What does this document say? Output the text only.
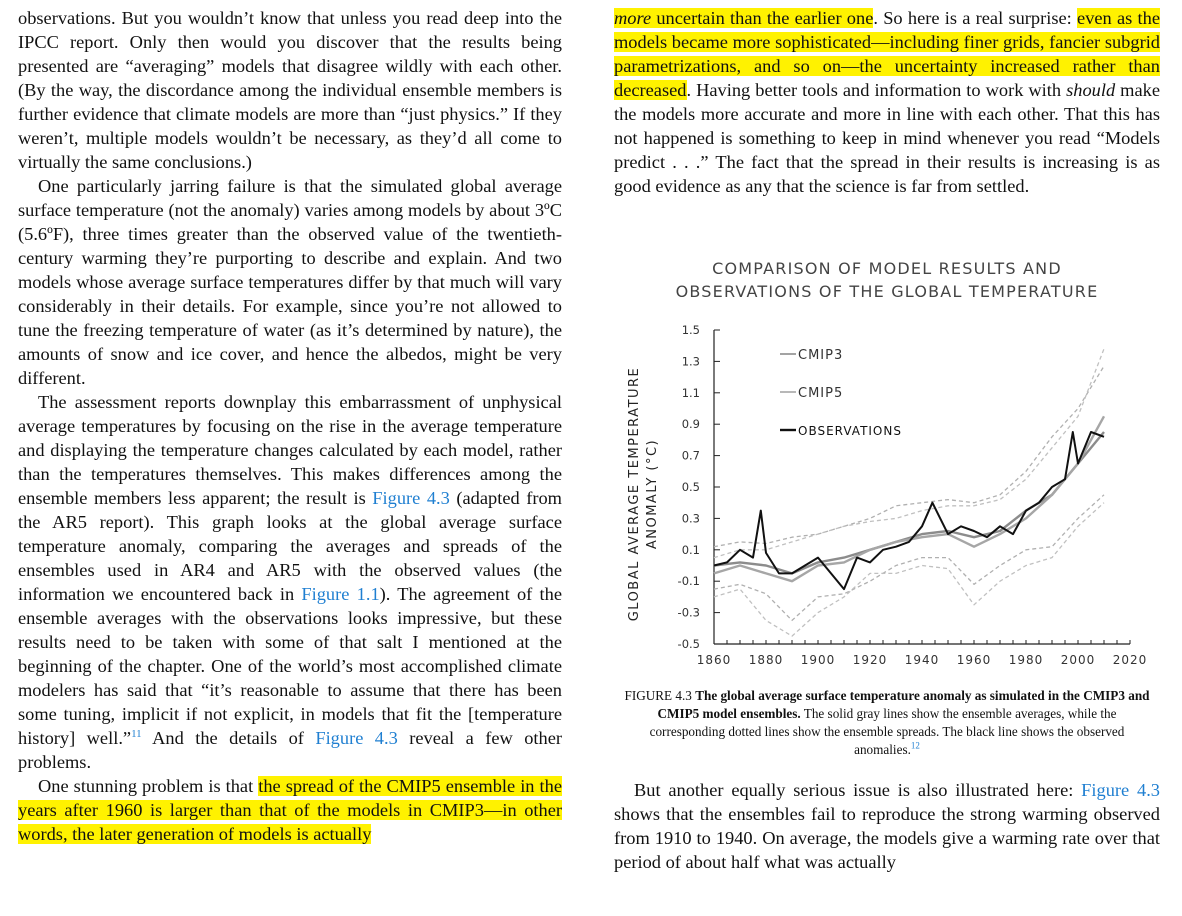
observations. But you wouldn’t know that unless you read deep into the IPCC report. Only then would you discover that the results being presented are “averaging” models that disagree wildly with each other. (By the way, the discordance among the individual ensemble members is further evidence that climate models are more than “just physics.” If they weren’t, multiple models wouldn’t be necessary, as they’d all come to virtually the same conclusions.)

One particularly jarring failure is that the simulated global average surface temperature (not the anomaly) varies among models by about 3ºC (5.6ºF), three times greater than the observed value of the twentieth-century warming they’re purporting to describe and explain. And two models whose average surface temperatures differ by that much will vary considerably in their details. For example, since you’re not allowed to tune the freezing temperature of water (as it’s determined by nature), the amounts of snow and ice cover, and hence the albedos, might be very different.

The assessment reports downplay this embarrassment of unphysical average temperatures by focusing on the rise in the average temperature and displaying the temperature changes calculated by each model, rather than the temperatures themselves. This makes differences among the ensemble members less apparent; the result is Figure 4.3 (adapted from the AR5 report). This graph looks at the global average surface temperature anomaly, comparing the averages and spreads of the ensembles used in AR4 and AR5 with the observed values (the information we encountered back in Figure 1.1). The agreement of the ensemble averages with the observations looks impressive, but these results need to be taken with some of that salt I mentioned at the beginning of the chapter. One of the world’s most accomplished climate modelers has said that “it’s reasonable to assume that there has been some tuning, implicit if not explicit, in models that fit the [temperature history] well.”$^{11}$ And the details of Figure 4.3 reveal a few other problems.

One stunning problem is that the spread of the CMIP5 ensemble in the years after 1960 is larger than that of the models in CMIP3—in other words, the later generation of models is actually

more uncertain than the earlier one. So here is a real surprise: even as the models became more sophisticated—including finer grids, fancier subgrid parametrizations, and so on—the uncertainty increased rather than decreased. Having better tools and information to work with should make the models more accurate and more in line with each other. That this has not happened is something to keep in mind whenever you read “Models predict . . .” The fact that the spread in their results is increasing is as good evidence as any that the science is far from settled.

COMPARISON OF MODEL RESULTS AND
OBSERVATIONS OF THE GLOBAL TEMPERATURE
GLOBAL AVERAGE TEMPERATURE ANOMALY (°C)
1.5
1.3
1.1
0.9
0.7
0.5
0.3
0.1
-0.1
-0.3
-0.5
1860 1880 1900 1920 1940 1960 1980 2000 2020
CMIP3
CMIP5
OBSERVATIONS
FIGURE 4.3 The global average surface temperature anomaly as simulated in the CMIP3 and CMIP5 model ensembles. The solid gray lines show the ensemble averages, while the corresponding dotted lines show the ensemble spreads. The black line shows the observed anomalies.$^{12}$

But another equally serious issue is also illustrated here: Figure 4.3 shows that the ensembles fail to reproduce the strong warming observed from 1910 to 1940. On average, the models give a warming rate over that period of about half what was actually
